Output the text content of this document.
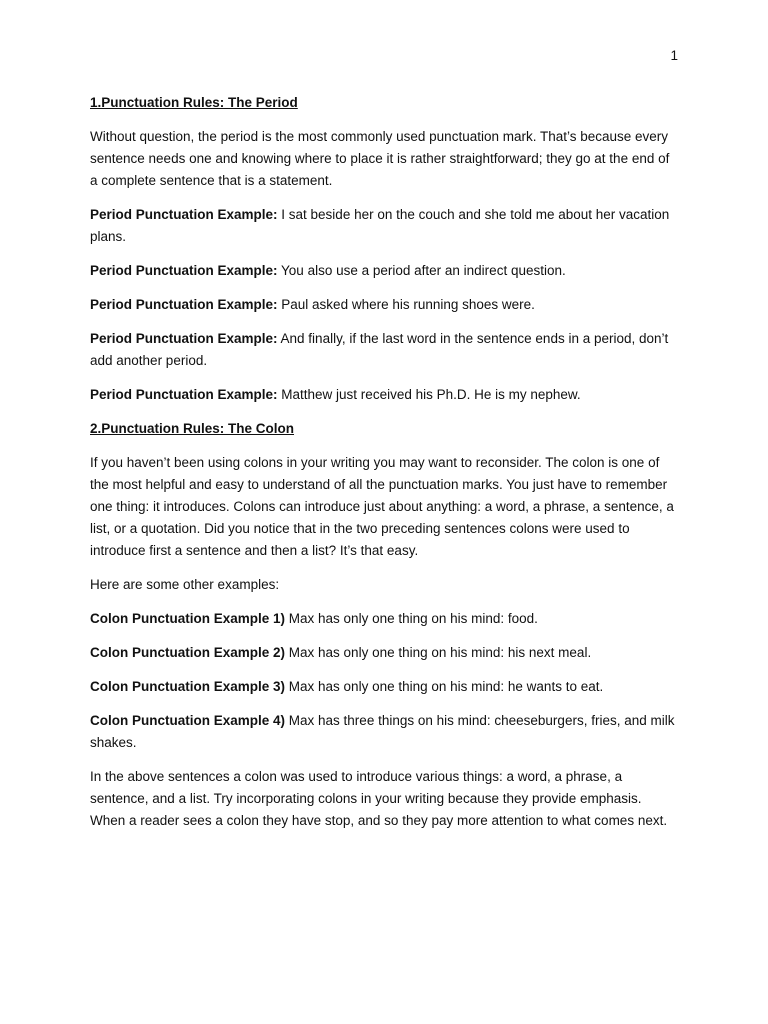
1
1.Punctuation Rules: The Period

Without question, the period is the most commonly used punctuation mark. That’s because every sentence needs one and knowing where to place it is rather straightforward; they go at the end of a complete sentence that is a statement.

Period Punctuation Example: I sat beside her on the couch and she told me about her vacation plans.

Period Punctuation Example: You also use a period after an indirect question.

Period Punctuation Example: Paul asked where his running shoes were.

Period Punctuation Example: And finally, if the last word in the sentence ends in a period, don’t add another period.

Period Punctuation Example: Matthew just received his Ph.D. He is my nephew.

2.Punctuation Rules: The Colon

If you haven’t been using colons in your writing you may want to reconsider. The colon is one of the most helpful and easy to understand of all the punctuation marks. You just have to remember one thing: it introduces. Colons can introduce just about anything: a word, a phrase, a sentence, a list, or a quotation. Did you notice that in the two preceding sentences colons were used to introduce first a sentence and then a list? It’s that easy.

Here are some other examples:

Colon Punctuation Example 1) Max has only one thing on his mind: food.

Colon Punctuation Example 2) Max has only one thing on his mind: his next meal.

Colon Punctuation Example 3) Max has only one thing on his mind: he wants to eat.

Colon Punctuation Example 4) Max has three things on his mind: cheeseburgers, fries, and milk shakes.

In the above sentences a colon was used to introduce various things: a word, a phrase, a sentence, and a list. Try incorporating colons in your writing because they provide emphasis. When a reader sees a colon they have stop, and so they pay more attention to what comes next.
